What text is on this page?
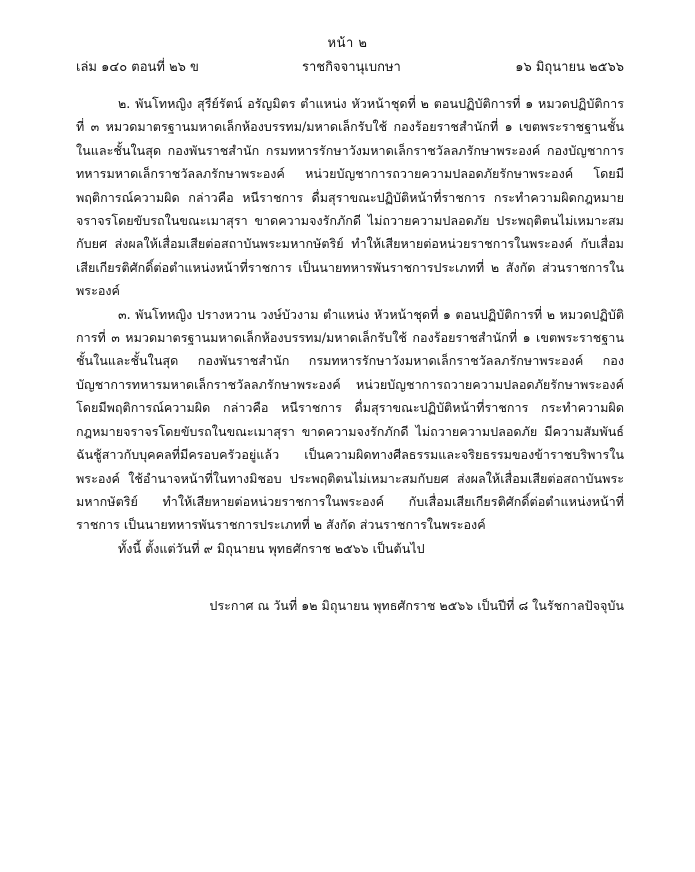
หน้า ๒
เล่ม ๑๔๐ ตอนที่ ๒๖ ข	ราชกิจจานุเบกษา	๑๖ มิถุนายน ๒๕๖๖

๒. พันโทหญิง สุรีย์รัตน์ อรัญมิตร ตำแหน่ง หัวหน้าชุดที่ ๒ ตอนปฏิบัติการที่ ๑ หมวดปฏิบัติการที่ ๓ หมวดมาตรฐานมหาดเล็กห้องบรรทม/มหาดเล็กรับใช้ กองร้อยราชสำนักที่ ๑ เขตพระราชฐานชั้นในและชั้นในสุด กองพันราชสำนัก กรมทหารรักษาวังมหาดเล็กราชวัลลภรักษาพระองค์ กองบัญชาการทหารมหาดเล็กราชวัลลภรักษาพระองค์ หน่วยบัญชาการถวายความปลอดภัยรักษาพระองค์ โดยมีพฤติการณ์ความผิด กล่าวคือ หนีราชการ ดื่มสุราขณะปฏิบัติหน้าที่ราชการ กระทำความผิดกฎหมายจราจรโดยขับรถในขณะเมาสุรา ขาดความจงรักภักดี ไม่ถวายความปลอดภัย ประพฤติตนไม่เหมาะสมกับยศ ส่งผลให้เสื่อมเสียต่อสถาบันพระมหากษัตริย์ ทำให้เสียหายต่อหน่วยราชการในพระองค์ กับเสื่อมเสียเกียรติศักดิ์ต่อตำแหน่งหน้าที่ราชการ เป็นนายทหารพันราชการประเภทที่ ๒ สังกัด ส่วนราชการในพระองค์

๓. พันโทหญิง ปรางหวาน วงษ์บัวงาม ตำแหน่ง หัวหน้าชุดที่ ๑ ตอนปฏิบัติการที่ ๒ หมวดปฏิบัติการที่ ๓ หมวดมาตรฐานมหาดเล็กห้องบรรทม/มหาดเล็กรับใช้ กองร้อยราชสำนักที่ ๑ เขตพระราชฐานชั้นในและชั้นในสุด กองพันราชสำนัก กรมทหารรักษาวังมหาดเล็กราชวัลลภรักษาพระองค์ กองบัญชาการทหารมหาดเล็กราชวัลลภรักษาพระองค์ หน่วยบัญชาการถวายความปลอดภัยรักษาพระองค์ โดยมีพฤติการณ์ความผิด กล่าวคือ หนีราชการ ดื่มสุราขณะปฏิบัติหน้าที่ราชการ กระทำความผิดกฎหมายจราจรโดยขับรถในขณะเมาสุรา ขาดความจงรักภักดี ไม่ถวายความปลอดภัย มีความสัมพันธ์ฉันชู้สาวกับบุคคลที่มีครอบครัวอยู่แล้ว เป็นความผิดทางศีลธรรมและจริยธรรมของข้าราชบริพารในพระองค์ ใช้อำนาจหน้าที่ในทางมิชอบ ประพฤติตนไม่เหมาะสมกับยศ ส่งผลให้เสื่อมเสียต่อสถาบันพระมหากษัตริย์ ทำให้เสียหายต่อหน่วยราชการในพระองค์ กับเสื่อมเสียเกียรติศักดิ์ต่อตำแหน่งหน้าที่ราชการ เป็นนายทหารพันราชการประเภทที่ ๒ สังกัด ส่วนราชการในพระองค์

ทั้งนี้ ตั้งแต่วันที่ ๙ มิถุนายน พุทธศักราช ๒๕๖๖ เป็นต้นไป

ประกาศ ณ วันที่ ๑๒ มิถุนายน พุทธศักราช ๒๕๖๖ เป็นปีที่ ๘ ในรัชกาลปัจจุบัน
